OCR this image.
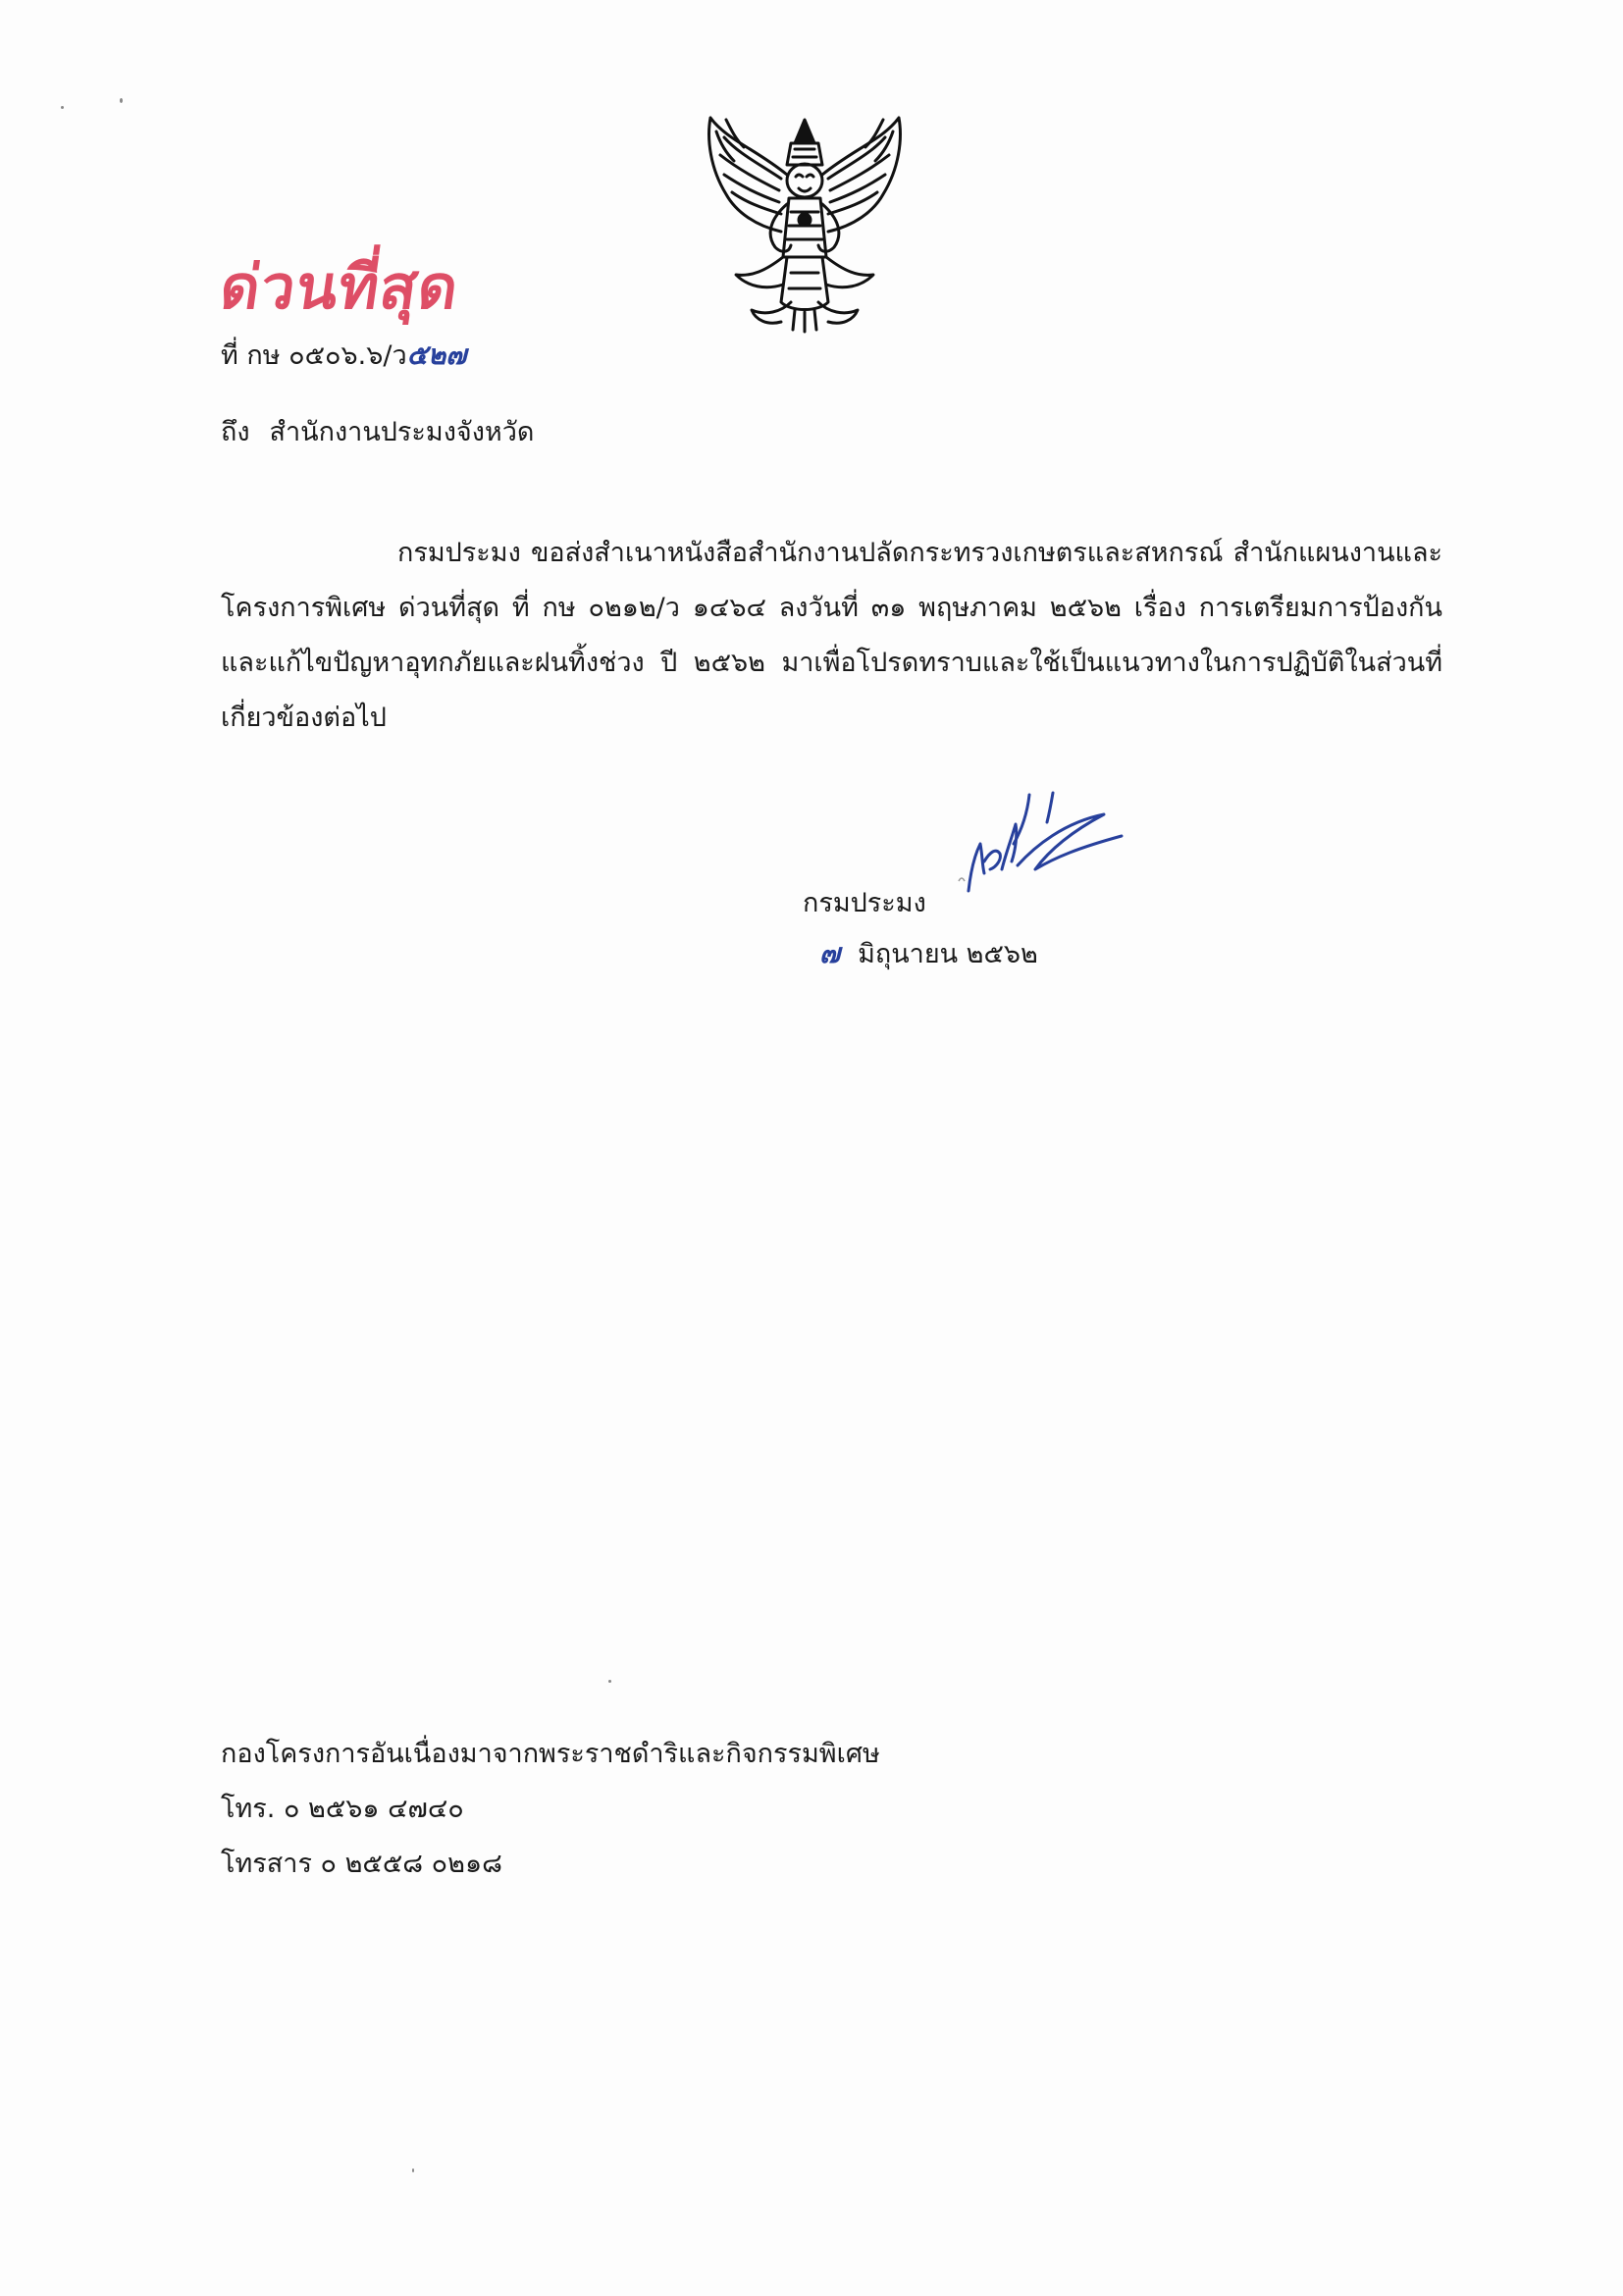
ด่วนที่สุด
ที่ กษ ๐๕๐๖.๖/ว๕๒๗
ถึง สำนักงานประมงจังหวัด
กรมประมง ขอส่งสำเนาหนังสือสำนักงานปลัดกระทรวงเกษตรและสหกรณ์ สำนักแผนงานและโครงการพิเศษ ด่วนที่สุด ที่ กษ ๐๒๑๒/ว ๑๔๖๔ ลงวันที่ ๓๑ พฤษภาคม ๒๕๖๒ เรื่อง การเตรียมการป้องกันและแก้ไขปัญหาอุทกภัยและฝนทิ้งช่วง ปี ๒๕๖๒ มาเพื่อโปรดทราบและใช้เป็นแนวทางในการปฏิบัติในส่วนที่เกี่ยวข้องต่อไป
กรมประมง
๗ มิถุนายน ๒๕๖๒
กองโครงการอันเนื่องมาจากพระราชดำริและกิจกรรมพิเศษ
โทร. ๐ ๒๕๖๑ ๔๗๔๐
โทรสาร ๐ ๒๕๕๘ ๐๒๑๘
